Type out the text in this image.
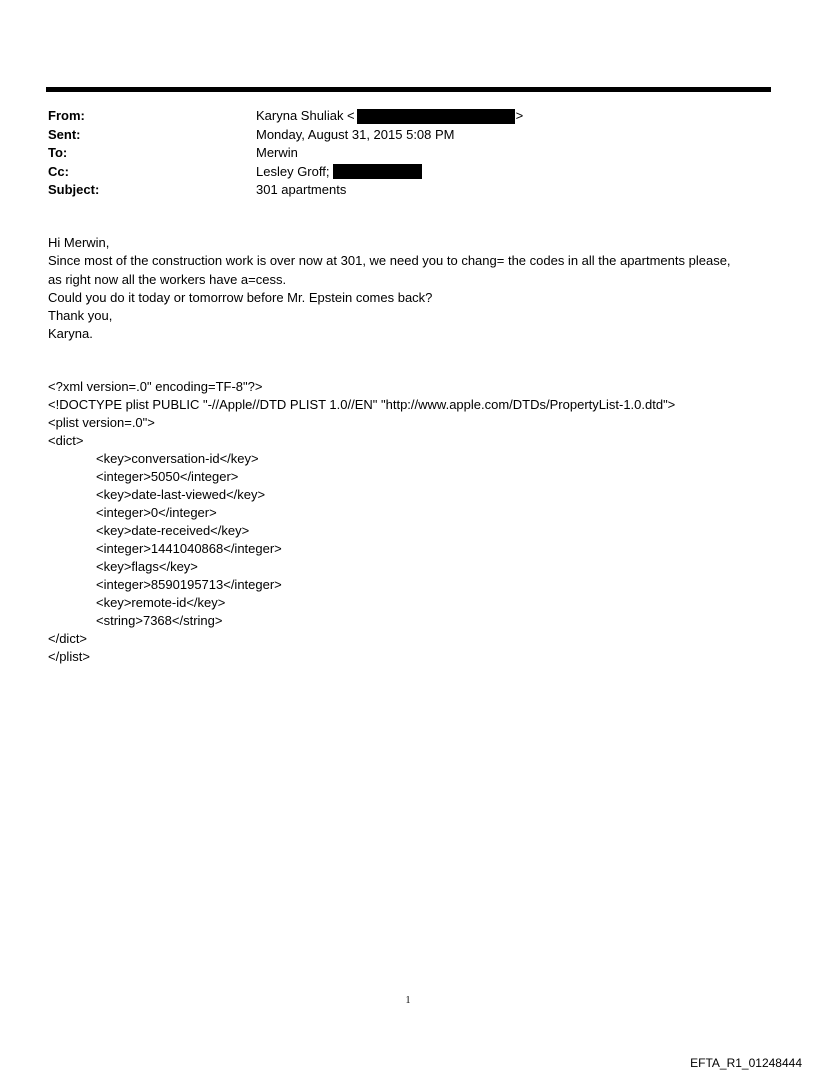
From:	Karyna Shuliak <	>
Sent:	Monday, August 31, 2015 5:08 PM
To:	Merwin
Cc:	Lesley Groff;
Subject:	301 apartments
Hi Merwin,
Since most of the construction work is over now at 301, we need you to chang= the codes in all the apartments please,
as right now all the workers have a=cess.
Could you do it today or tomorrow before Mr. Epstein comes back?
Thank you,
Karyna.
<?xml version=.0" encoding=TF-8"?>
<!DOCTYPE plist PUBLIC "-//Apple//DTD PLIST 1.0//EN" "http://www.apple.com/DTDs/PropertyList-1.0.dtd">
<plist version=.0">
<dict>
<key>conversation-id</key>
<integer>5050</integer>
<key>date-last-viewed</key>
<integer>0</integer>
<key>date-received</key>
<integer>1441040868</integer>
<key>flags</key>
<integer>8590195713</integer>
<key>remote-id</key>
<string>7368</string>
</dict>
</plist>
1
EFTA_R1_01248444
